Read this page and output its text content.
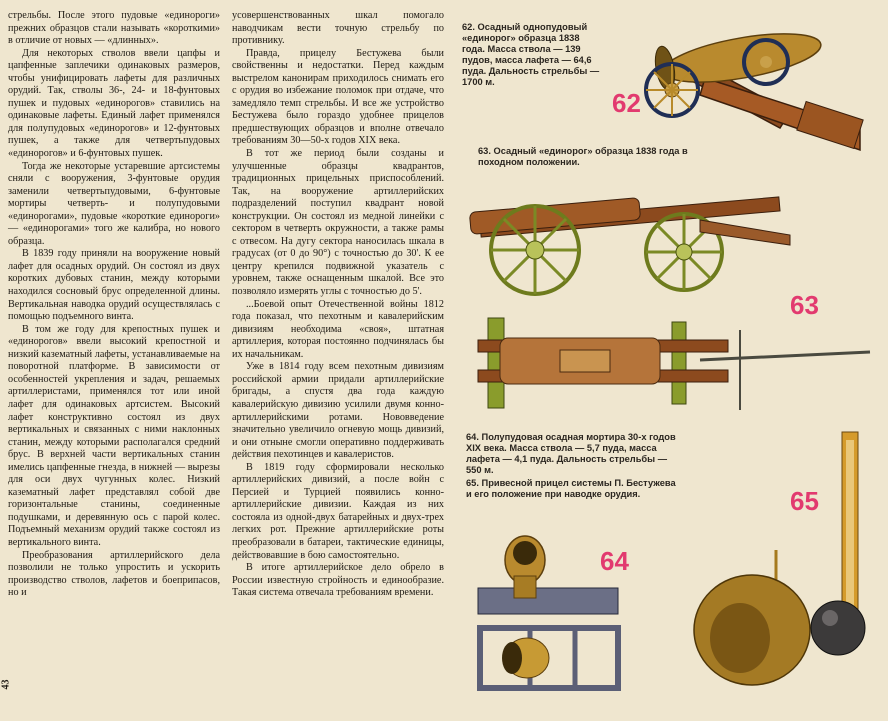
43

стрельбы. После этого пудовые «единороги» прежних образцов стали называть «короткими» в отличие от новых — «длинных».

Для некоторых стволов ввели цапфы и цапфенные заплечики одинаковых размеров, чтобы унифицировать лафеты для различных орудий. Так, стволы 36-, 24- и 18-фунтовых пушек и пудовых «единорогов» ставились на одинаковые лафеты. Единый лафет применялся для полупудовых «единорогов» и 12-фунтовых пушек, а также для четвертьпудовых «единорогов» и 6-фунтовых пушек.

Тогда же некоторые устаревшие артсистемы сняли с вооружения, 3-фунтовые орудия заменили четвертьпудовыми, 6-фунтовые мортиры четверть- и полупудовыми «единорогами», пудовые «короткие единороги» — «единорогами» того же калибра, но нового образца.

В 1839 году приняли на вооружение новый лафет для осадных орудий. Он состоял из двух коротких дубовых станин, между которыми находился сосновый брус определенной длины. Вертикальная наводка орудий осуществлялась с помощью подъемного винта.

В том же году для крепостных пушек и «единорогов» ввели высокий крепостной и низкий казематный лафеты, устанавливаемые на поворотной платформе. В зависимости от особенностей укрепления и задач, решаемых артиллеристами, применялся тот или иной лафет для одинаковых артсистем. Высокий лафет конструктивно состоял из двух вертикальных и связанных с ними наклонных станин, между которыми располагался средний брус. В верхней части вертикальных станин имелись цапфенные гнезда, в нижней — вырезы для оси двух чугунных колес. Низкий казематный лафет представлял собой две горизонтальные станины, соединенные подушками, и деревянную ось с парой колес. Подъемный механизм орудий также состоял из вертикального винта.

Преобразования артиллерийского дела позволили не только упростить и ускорить производство стволов, лафетов и боеприпасов, но и

усовершенствованных шкал помогало наводчикам вести точную стрельбу по противнику.

Правда, прицелу Бестужева были свойственны и недостатки. Перед каждым выстрелом канонирам приходилось снимать его с орудия во избежание поломок при отдаче, что замедляло темп стрельбы. И все же устройство Бестужева было гораздо удобнее прицелов предшествующих образцов и вполне отвечало требованиям 30—50-х годов XIX века.

В тот же период были созданы и улучшенные образцы квадрантов, традиционных прицельных приспособлений. Так, на вооружение артиллерийских подразделений поступил квадрант новой конструкции. Он состоял из медной линейки с сектором в четверть окружности, а также рамы с отвесом. На дугу сектора наносилась шкала в градусах (от 0 до 90°) с точностью до 30'. К ее центру крепился подвижной указатель с уровнем, также оснащенным шкалой. Все это позволяло измерять углы с точностью до 5'.

...Боевой опыт Отечественной войны 1812 года показал, что пехотным и кавалерийским дивизиям необходима «своя», штатная артиллерия, которая постоянно подчинялась бы их начальникам.

Уже в 1814 году всем пехотным дивизиям российской армии придали артиллерийские бригады, а спустя два года каждую кавалерийскую дивизию усилили двумя конно-артиллерийскими ротами. Нововведение значительно увеличило огневую мощь дивизий, и они отныне смогли оперативно поддерживать действия пехотинцев и кавалеристов.

В 1819 году сформировали несколько артиллерийских дивизий, а после войн с Персией и Турцией появились конно-артиллерийские дивизии. Каждая из них состояла из одной-двух батарейных и двух-трех легких рот. Прежние артиллерийские роты преобразовали в батареи, тактические единицы, действовавшие в бою самостоятельно.

В итоге артиллерийское дело обрело в России известную стройность и единообразие. Такая система отвечала требованиям времени.

62
63
64
65
62. Осадный однопудовый «единорог» образца 1838 года. Масса ствола — 139 пудов, масса лафета — 64,6 пуда. Дальность стрельбы — 1700 м.
63. Осадный «единорог» образца 1838 года в походном положении.
64. Полупудовая осадная мортира 30-х годов XIX века. Масса ствола — 5,7 пуда, масса лафета — 4,1 пуда. Дальность стрельбы — 550 м.
65. Привесной прицел системы П. Бестужева и его положение при наводке орудия.
